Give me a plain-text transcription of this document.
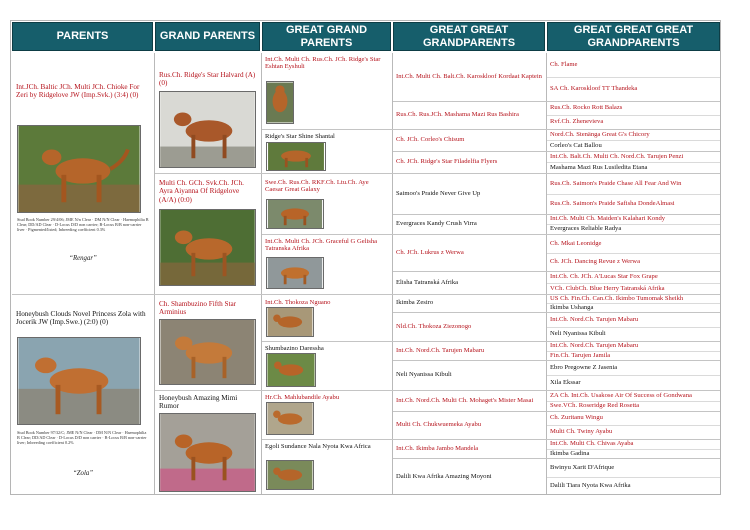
PARENTS	GRAND PARENTS
GREAT GRAND
PARENTS
GREAT GREAT
GRANDPARENTS
GREAT GREAT GREAT
GRANDPARENTS
Int.JCh. Baltic JCh. Multi JCh. Chioke For Zeri by Ridgelove JW (Imp.Svk.) (3:4) (0)
Stud Book Number 29/4/06; JME N/n Clear · DM N/N Clear · Haemophilia B Clear; DD/AD Clear · D-Locus D/D non carrier; B-Locus B/B non-carrier liver · Pigmented/listed; Inbreeding coefficient 0.3%
“Rengar”
Honeybush Clouds Novel Princess Zola with Jocerik JW (Imp.Swe.) (2:0) (0)
Stud Book Number 97/32/C; JME N/N Clear · DM N/N Clear · Haemophilia B Clear; DD/AD Clear · D-Locus D/D non carrier · B-Locus B/B non-carrier liver; Inbreeding coefficient 0.2%
“Zola”
Rus.Ch. Ridge's Star Halvard (A) (0)
Multi Ch. GCh. Svk.Ch. JCh. Ayra Aiyanna Of Ridgelove (A/A) (0:0)
Ch. Shambuzino Fifth Star Arminius
Honeybush Amazing Mimi Rumor
Int.Ch. Multi Ch. Rus.Ch. JCh. Ridge's Star Eshtan Eyshuli
Ridge's Star Shine Shantal
Swe.Ch. Rus.Ch. RKF.Ch. Ltu.Ch. Aye Caesar Great Galaxy
Int.Ch. Multi Ch. JCh. Graceful G Gelisha Tatranska Afrika
Int.Ch. Thokoza Nguano
Shumbazino Daressha
Hr.Ch. Mahlubandile Ayabu
Egoli Sundance Nala Nyota Kwa Africa
Int.Ch. Multi Ch. Balt.Ch. Karoskloof Kordaat Kaptein
Rus.Ch. Rus.JCh. Mashama Mazi Rus Bashira
Ch. JCh. Corleo's Chisum
Ch. JCh. Ridge's Star Filadelfia Flyers
Saimoo's Praide Never Give Up
Evergraces Kandy Crush Virra
Ch. JCh. Lukrus z Werwa
Elisha Tatranská Afrika
Ikimba Zesiro
Nld.Ch. Thokoza Ziezonogo
Int.Ch. Nord.Ch. Tarujen Mabaru
Neli Nyanissa Kibuli
Int.Ch. Nord.Ch. Multi Ch. Mohaget's Mister Masai
Multi Ch. Chukwuemeka Ayabu
Int.Ch. Ikimba Jambo Mandela
Dalili Kwa Afrika Amazing Moyoni
Ch. Flame
SA Ch. Karoskloof TT Thandeka
Rus.Ch. Rocko Rott Balazs
Rvf.Ch. Zhenevieva
Nord.Ch. Stenänga Great G's Chicory
Corleo's Cat Ballou
Int.Ch. Balt.Ch. Multi Ch. Nord.Ch. Tarujen Penzi
Mashama Mazi Rus Lusiledita Etana
Rus.Ch. Saimon's Praide Chase All Fear And Win
Rus.Ch. Saimon's Praide Safisha DondeAlmasi
Int.Ch. Multi Ch. Maiden's Kalahari Kondy
Evergraces Reliable Radya
Ch. Mkai Leonidge
Ch. JCh. Dancing Revue z Werwa
Int.Ch. Ch. JCh. A'Lucas Star Fox Grape
VCh. ClubCh. Blue Herry Tatranská Afrika
US Ch. Fin.Ch. Can.Ch. Ikimbo Tumomak Sheikh
Ikimba Ushanga
Int.Ch. Nord.Ch. Tarujen Mabaru
Neli Nyanissa Kibuli
Int.Ch. Nord.Ch. Tarujen Mabaru
Fin.Ch. Tarujen Jamila
Ebro Pregowne Z Jasenia
Xila Ekssar
ZA Ch. Int.Ch. Usakose Air Of Success of Gondwana
Swe.VCh. Roseridge Red Rosetta
Ch. Zuritanu Wingu
Multi Ch. Twiny Ayabu
Int.Ch. Multi Ch. Chivas Ayaba
Ikimba Gadina
Bwinyu Xarit D'Afrique
Dalili Tiara Nyota Kwa Afrika
